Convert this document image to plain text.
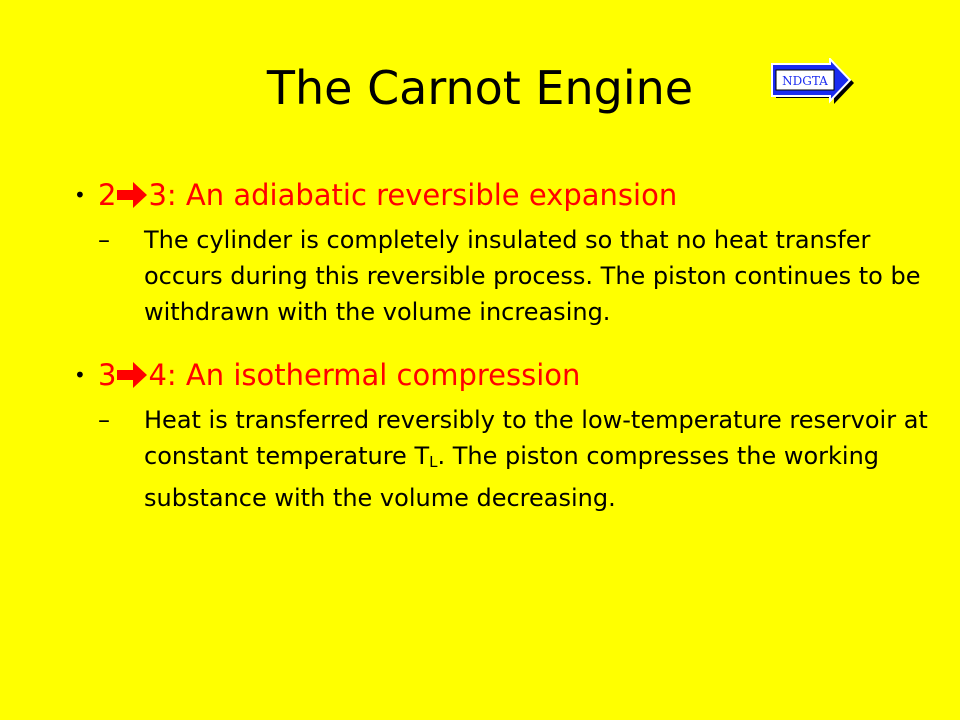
The Carnot Engine	NDGTA
• 2 3: An adiabatic reversible expansion
– The cylinder is completely insulated so that no heat transfer occurs during this reversible process. The piston continues to be withdrawn with the volume increasing.
• 3 4: An isothermal compression
– Heat is transferred reversibly to the low-temperature reservoir at constant temperature $T_L$. The piston compresses the working substance with the volume decreasing.
